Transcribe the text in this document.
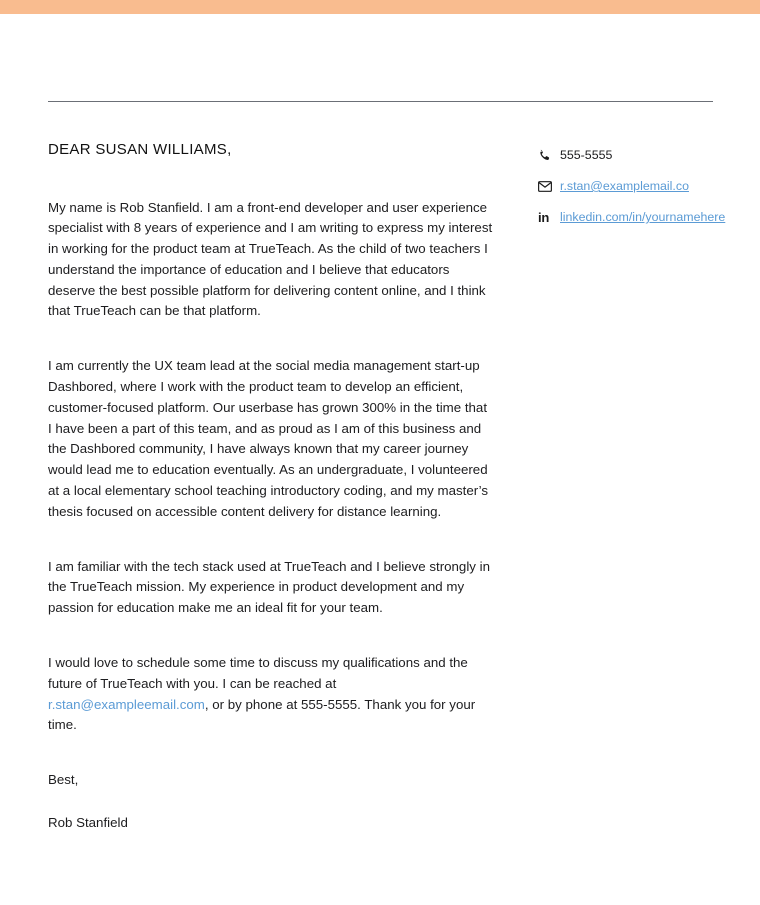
DEAR SUSAN WILLIAMS,

My name is Rob Stanfield. I am a front-end developer and user experience specialist with 8 years of experience and I am writing to express my interest in working for the product team at TrueTeach. As the child of two teachers I understand the importance of education and I believe that educators deserve the best possible platform for delivering content online, and I think that TrueTeach can be that platform.

I am currently the UX team lead at the social media management start-up Dashbored, where I work with the product team to develop an efficient, customer-focused platform. Our userbase has grown 300% in the time that I have been a part of this team, and as proud as I am of this business and the Dashbored community, I have always known that my career journey would lead me to education eventually. As an undergraduate, I volunteered at a local elementary school teaching introductory coding, and my master’s thesis focused on accessible content delivery for distance learning.

I am familiar with the tech stack used at TrueTeach and I believe strongly in the TrueTeach mission. My experience in product development and my passion for education make me an ideal fit for your team.

I would love to schedule some time to discuss my qualifications and the future of TrueTeach with you. I can be reached at r.stan@exampleemail.com, or by phone at 555-5555. Thank you for your time.

Best,

Rob Stanfield

555-5555
r.stan@examplemail.co
in linkedin.com/in/yournamehere
